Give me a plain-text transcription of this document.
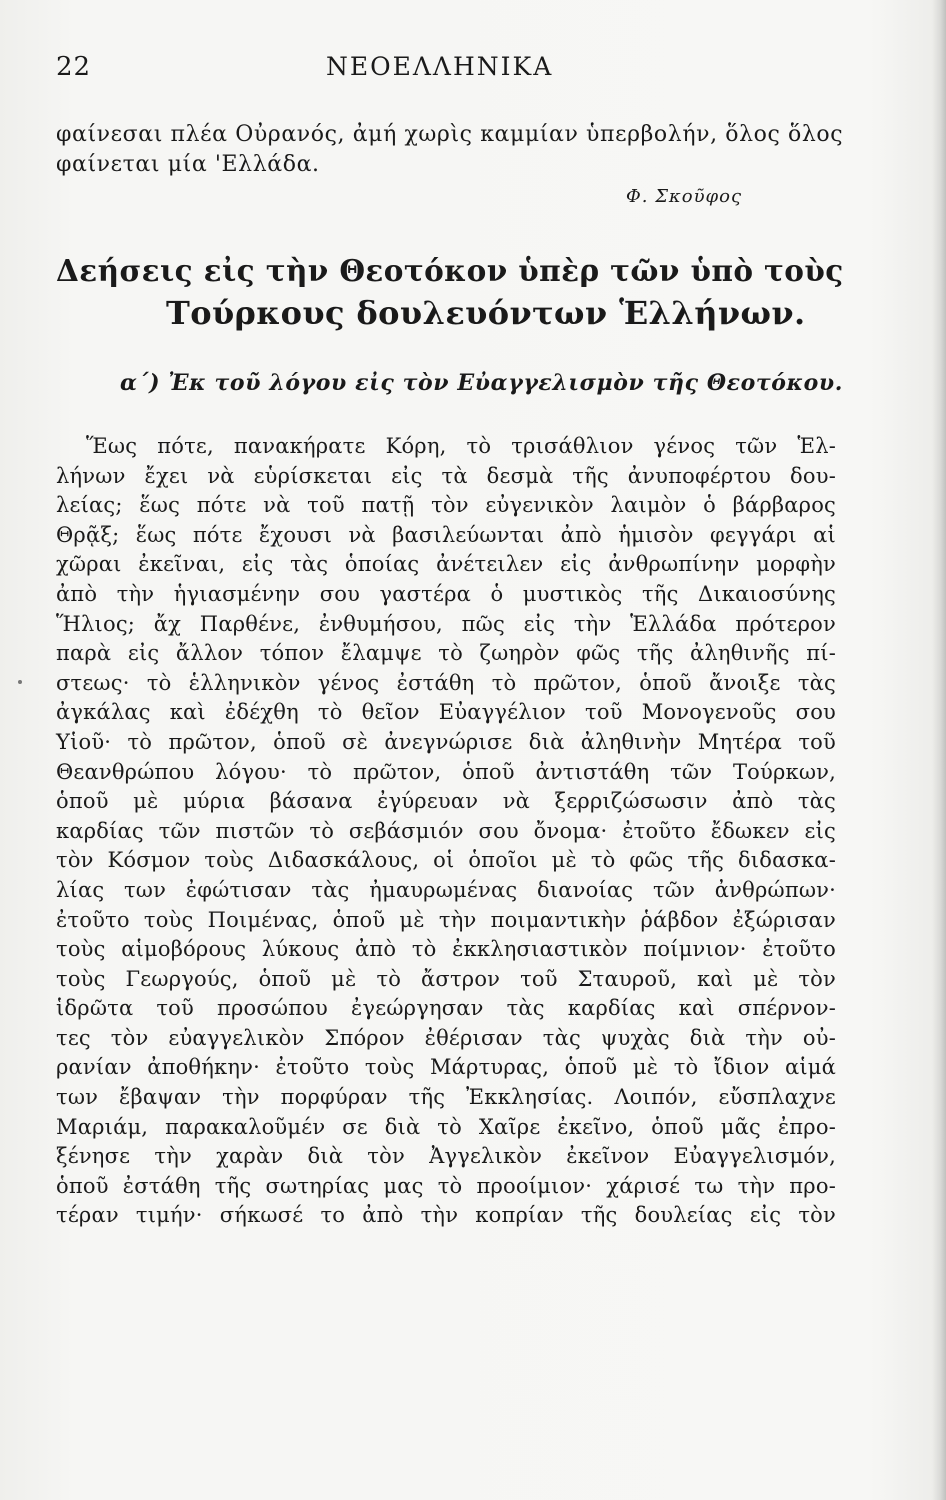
22	ΝΕΟΕΛΛΗΝΙΚΑ
φαίνεσαι πλέα Οὐρανός, ἀμή χωρὶς καμμίαν ὑπερβολήν, ὅλος ὅλος
φαίνεται μία 'Ελλάδα.
Φ. Σκοῦφος
Δεήσεις εἰς τὴν Θεοτόκον ὑπὲρ τῶν ὑπὸ τοὺς
Τούρκους δουλευόντων Ἑλλήνων.
α΄) Ἐκ τοῦ λόγου εἰς τὸν Εὐαγγελισμὸν τῆς Θεοτόκου.
Ἕως πότε, πανακήρατε Κόρη, τὸ τρισάθλιον γένος τῶν Ἑλ-
λήνων ἔχει νὰ εὑρίσκεται εἰς τὰ δεσμὰ τῆς ἀνυποφέρτου δου-
λείας; ἕως πότε νὰ τοῦ πατῇ τὸν εὐγενικὸν λαιμὸν ὁ βάρβαρος
Θρᾷξ; ἕως πότε ἔχουσι νὰ βασιλεύωνται ἀπὸ ἡμισὸν φεγγάρι αἱ
χῶραι ἐκεῖναι, εἰς τὰς ὁποίας ἀνέτειλεν εἰς ἀνθρωπίνην μορφὴν
ἀπὸ τὴν ἡγιασμένην σου γαστέρα ὁ μυστικὸς τῆς Δικαιοσύνης
Ἥλιος; ἄχ Παρθένε, ἐνθυμήσου, πῶς εἰς τὴν Ἑλλάδα πρότερον
παρὰ εἰς ἄλλον τόπον ἔλαμψε τὸ ζωηρὸν φῶς τῆς ἀληθινῆς πί-
στεως· τὸ ἑλληνικὸν γένος ἐστάθη τὸ πρῶτον, ὁποῦ ἄνοιξε τὰς
ἀγκάλας καὶ ἐδέχθη τὸ θεῖον Εὐαγγέλιον τοῦ Μονογενοῦς σου
Υἱοῦ· τὸ πρῶτον, ὁποῦ σὲ ἀνεγνώρισε διὰ ἀληθινὴν Μητέρα τοῦ
Θεανθρώπου λόγου· τὸ πρῶτον, ὁποῦ ἀντιστάθη τῶν Τούρκων,
ὁποῦ μὲ μύρια βάσανα ἐγύρευαν νὰ ξερριζώσωσιν ἀπὸ τὰς
καρδίας τῶν πιστῶν τὸ σεβάσμιόν σου ὄνομα· ἐτοῦτο ἔδωκεν εἰς
τὸν Κόσμον τοὺς Διδασκάλους, οἱ ὁποῖοι μὲ τὸ φῶς τῆς διδασκα-
λίας των ἐφώτισαν τὰς ἠμαυρωμένας διανοίας τῶν ἀνθρώπων·
ἐτοῦτο τοὺς Ποιμένας, ὁποῦ μὲ τὴν ποιμαντικὴν ῥάβδον ἐξώρισαν
τοὺς αἱμοβόρους λύκους ἀπὸ τὸ ἐκκλησιαστικὸν ποίμνιον· ἐτοῦτο
τοὺς Γεωργούς, ὁποῦ μὲ τὸ ἄστρον τοῦ Σταυροῦ, καὶ μὲ τὸν
ἱδρῶτα τοῦ προσώπου ἐγεώργησαν τὰς καρδίας καὶ σπέρνον-
τες τὸν εὐαγγελικὸν Σπόρον ἐθέρισαν τὰς ψυχὰς διὰ τὴν οὐ-
ρανίαν ἀποθήκην· ἐτοῦτο τοὺς Μάρτυρας, ὁποῦ μὲ τὸ ἴδιον αἱμά
των ἔβαψαν τὴν πορφύραν τῆς Ἐκκλησίας. Λοιπόν, εὔσπλαχνε
Μαριάμ, παρακαλοῦμέν σε διὰ τὸ Χαῖρε ἐκεῖνο, ὁποῦ μᾶς ἐπρο-
ξένησε τὴν χαρὰν διὰ τὸν Ἀγγελικὸν ἐκεῖνον Εὐαγγελισμόν,
ὁποῦ ἐστάθη τῆς σωτηρίας μας τὸ προοίμιον· χάρισέ τω τὴν προ-
τέραν τιμήν· σήκωσέ το ἀπὸ τὴν κοπρίαν τῆς δουλείας εἰς τὸν
